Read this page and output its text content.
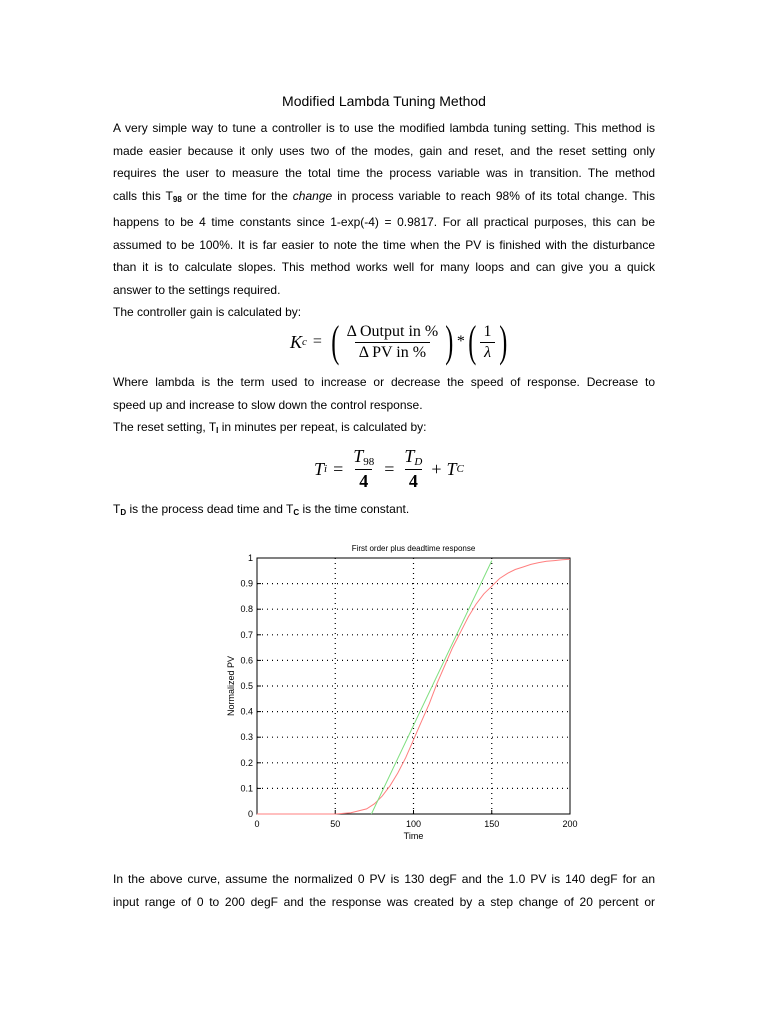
Modified Lambda Tuning Method
A very simple way to tune a controller is to use the modified lambda tuning setting. This method is
made easier because it only uses two of the modes, gain and reset, and the reset setting only
requires the user to measure the total time the process variable was in transition. The method
calls this $T_{98}$ or the time for the change in process variable to reach 98% of its total change. This
happens to be 4 time constants since 1-exp(-4) = 0.9817. For all practical purposes, this can be
assumed to be 100%. It is far easier to note the time when the PV is finished with the disturbance
than it is to calculate slopes. This method works well for many loops and can give you a quick
answer to the settings required.
The controller gain is calculated by:
K c = ( $\frac{\text{Δ Output in \%}}{\text{Δ PV in \%}}$ ) * ( $\frac{1}{\lambda}$ )
Where lambda is the term used to increase or decrease the speed of response. Decrease to
speed up and increase to slow down the control response.
The reset setting, $T_I$ in minutes per repeat, is calculated by:
T $i = \frac{T_{98}}{4} = \frac{T_D}{4} + T$ C
$T_D$ is the process dead time and $T_C$ is the time constant.
0	50	100	150	200
0
0.1
0.2
0.3
0.4
0.5
0.6
0.7
0.8
0.9
1
First order plus deadtime response
Time
Normalized PV
In the above curve, assume the normalized 0 PV is 130 degF and the 1.0 PV is 140 degF for an
input range of 0 to 200 degF and the response was created by a step change of 20 percent or
